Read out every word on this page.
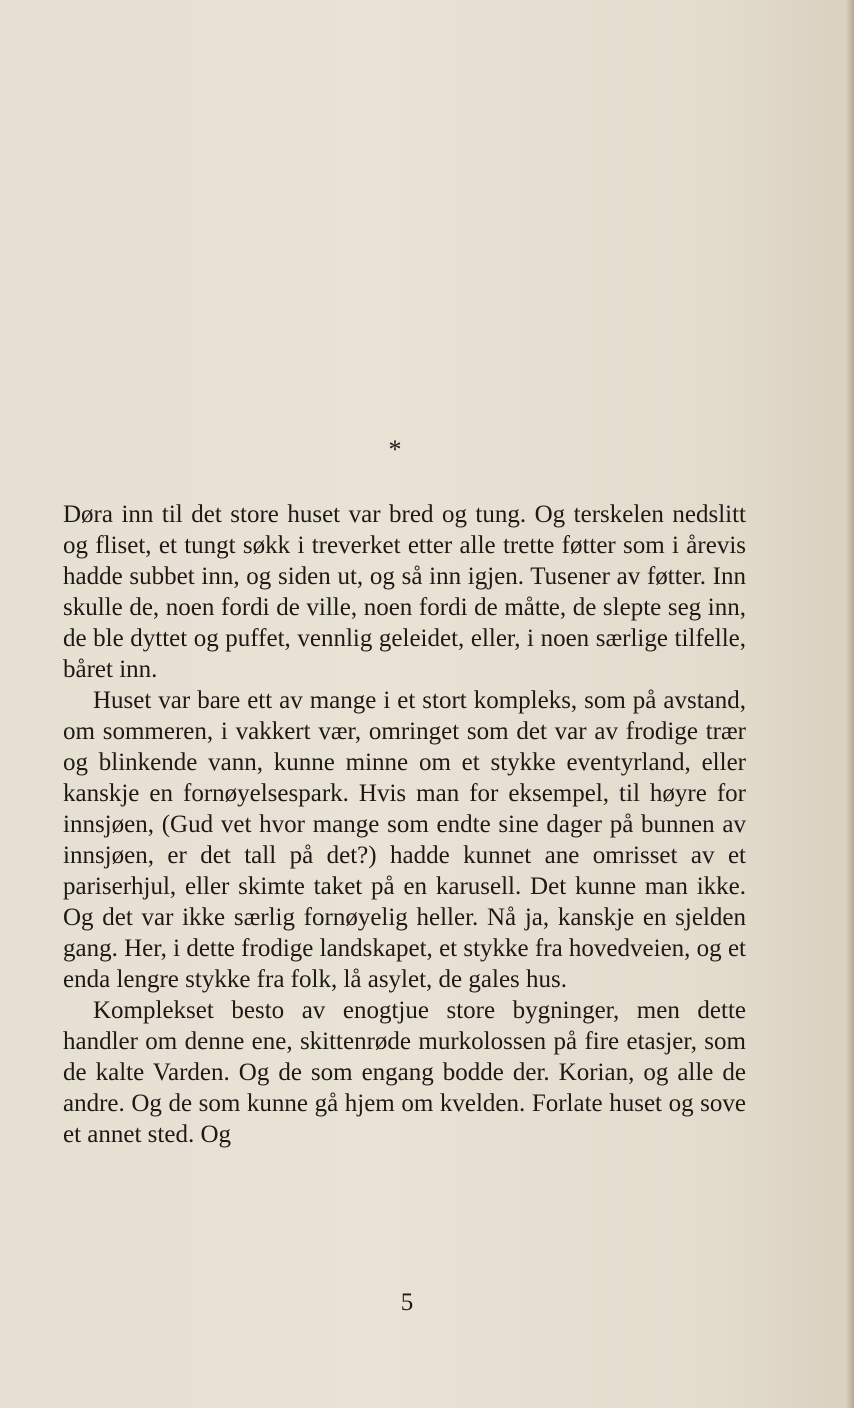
*

Døra inn til det store huset var bred og tung. Og terskelen nedslitt og fliset, et tungt søkk i treverket etter alle trette føtter som i årevis hadde subbet inn, og siden ut, og så inn igjen. Tusener av føtter. Inn skulle de, noen fordi de ville, noen fordi de måtte, de slepte seg inn, de ble dyttet og puffet, vennlig geleidet, eller, i noen særlige tilfelle, båret inn.

Huset var bare ett av mange i et stort kompleks, som på avstand, om sommeren, i vakkert vær, omringet som det var av frodige trær og blinkende vann, kunne minne om et stykke eventyrland, eller kanskje en fornøyelsespark. Hvis man for eksempel, til høyre for innsjøen, (Gud vet hvor mange som endte sine dager på bunnen av innsjøen, er det tall på det?) hadde kunnet ane omrisset av et pariserhjul, eller skimte taket på en karusell. Det kunne man ikke. Og det var ikke særlig fornøyelig heller. Nå ja, kanskje en sjelden gang. Her, i dette frodige landskapet, et stykke fra hovedveien, og et enda lengre stykke fra folk, lå asylet, de gales hus.

Komplekset besto av enogtjue store bygninger, men dette handler om denne ene, skittenrøde murkolossen på fire etasjer, som de kalte Varden. Og de som engang bodde der. Korian, og alle de andre. Og de som kunne gå hjem om kvelden. Forlate huset og sove et annet sted. Og

5
